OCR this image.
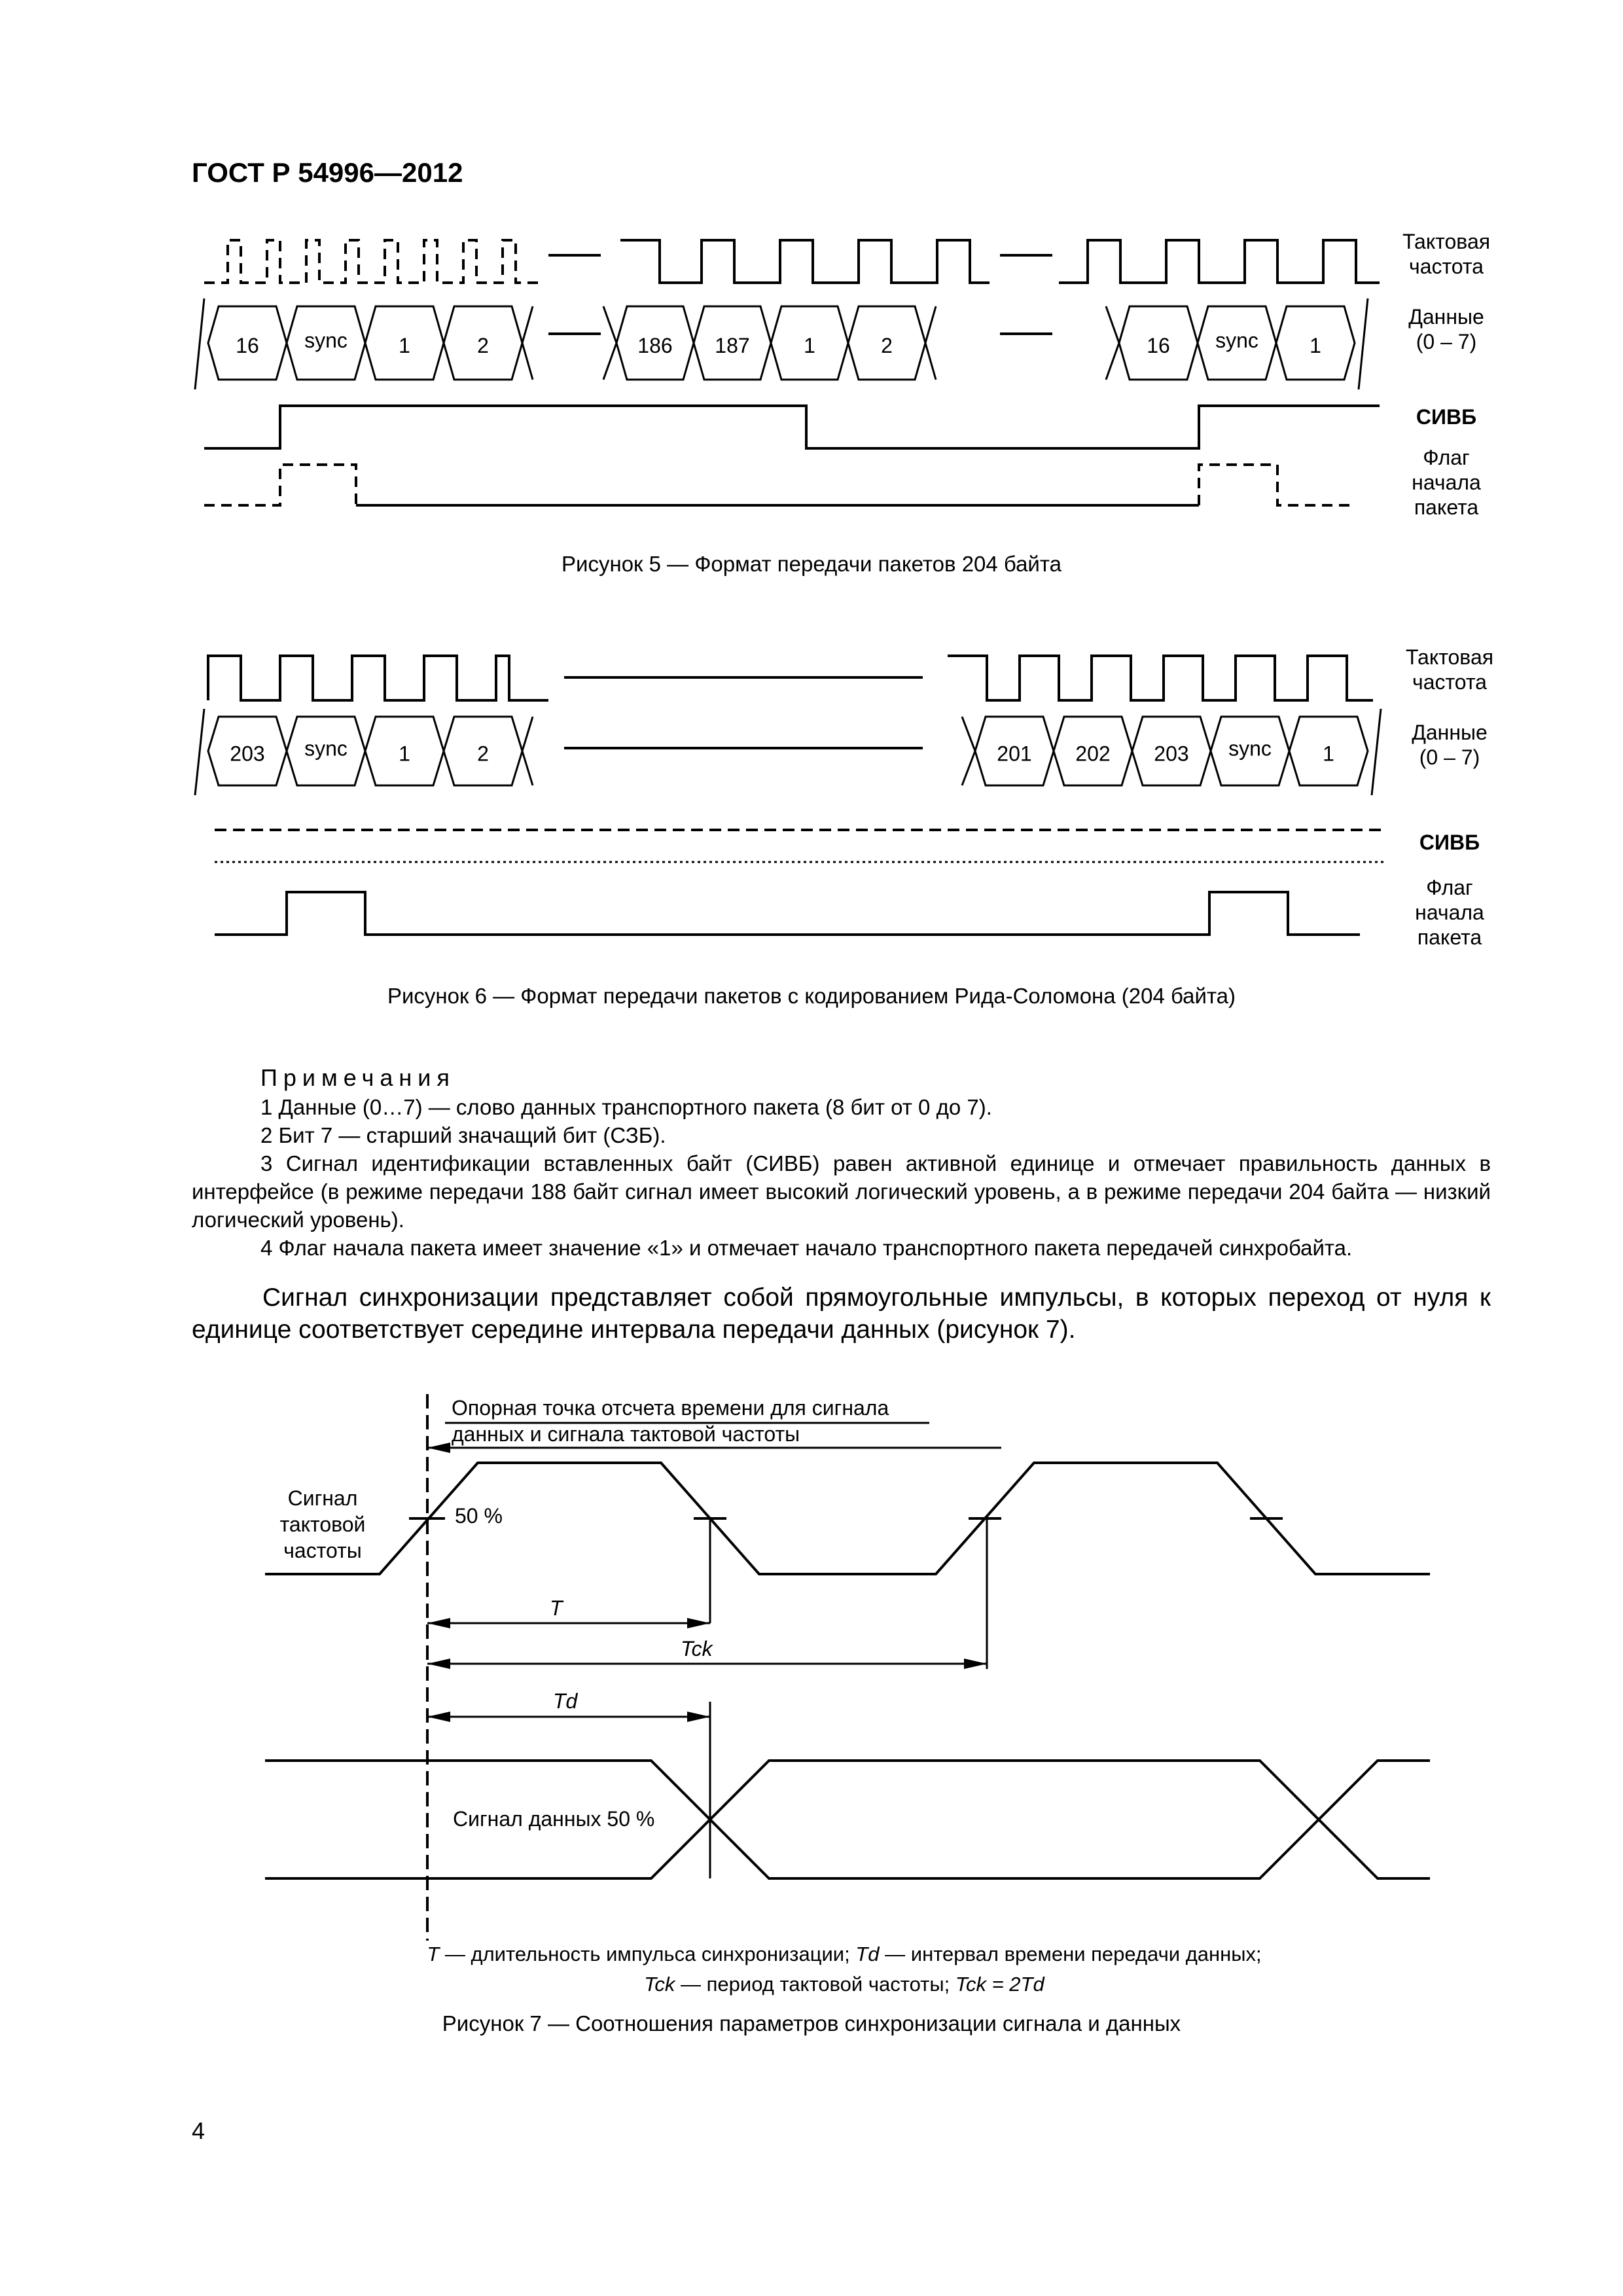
ГОСТ Р 54996—2012
16 sync 1	2	186 187	1	2	16 sync 1
Тактовая частота
Данные (0 – 7)
СИВБ
Флаг начала пакета
Рисунок 5 — Формат передачи пакетов 204 байта
203 sync 1	2	201 202 203 sync 1
Тактовая частота
Данные (0 – 7)
СИВБ
Флаг начала пакета
Рисунок 6 — Формат передачи пакетов с кодированием Рида-Соломона (204 байта)
Примечания

1 Данные (0…7) — слово данных транспортного пакета (8 бит от 0 до 7).

2 Бит 7 — старший значащий бит (СЗБ).

3 Сигнал идентификации вставленных байт (СИВБ) равен активной единице и отмечает правильность данных в интерфейсе (в режиме передачи 188 байт сигнал имеет высокий логический уровень, а в режиме передачи 204 байта — низкий логический уровень).

4 Флаг начала пакета имеет значение «1» и отмечает начало транспортного пакета передачей синхробайта.

Сигнал синхронизации представляет собой прямоугольные импульсы, в которых переход от нуля к единице соответствует середине интервала передачи данных (рисунок 7).
Опорная точка отсчета времени для сигнала
данных и сигнала тактовой частоты
Сигнал тактовой частоты
50 %
T
Tck
Td
Сигнал данных 50 %
T — длительность импульса синхронизации; Td — интервал времени передачи данных;
Tck — период тактовой частоты; Tck = 2Td
Рисунок 7 — Соотношения параметров синхронизации сигнала и данных
4
